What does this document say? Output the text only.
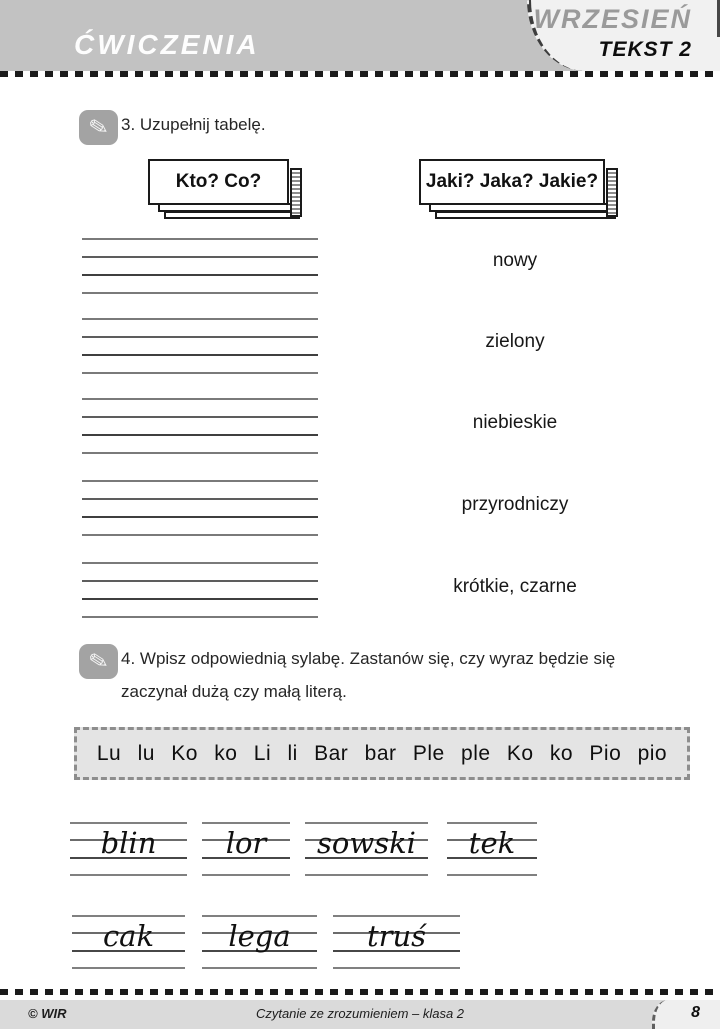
ĆWICZENIA
WRZESIEŃ
TEKST 2
✎ 3. Uzupełnij tabelę.
Kto? Co?	Jaki? Jaka? Jakie?
nowy
zielony
niebieskie
przyrodniczy
krótkie, czarne
✎ 4. Wpisz odpowiednią sylabę. Zastanów się, czy wyraz będzie się
zaczynał dużą czy małą literą.
Lu lu Ko ko Li li Bar bar Ple ple Ko ko Pio pio
blin	lor	sowski	tek
cak	lega	truś
© WIR	Czytanie ze zrozumieniem – klasa 2	8
